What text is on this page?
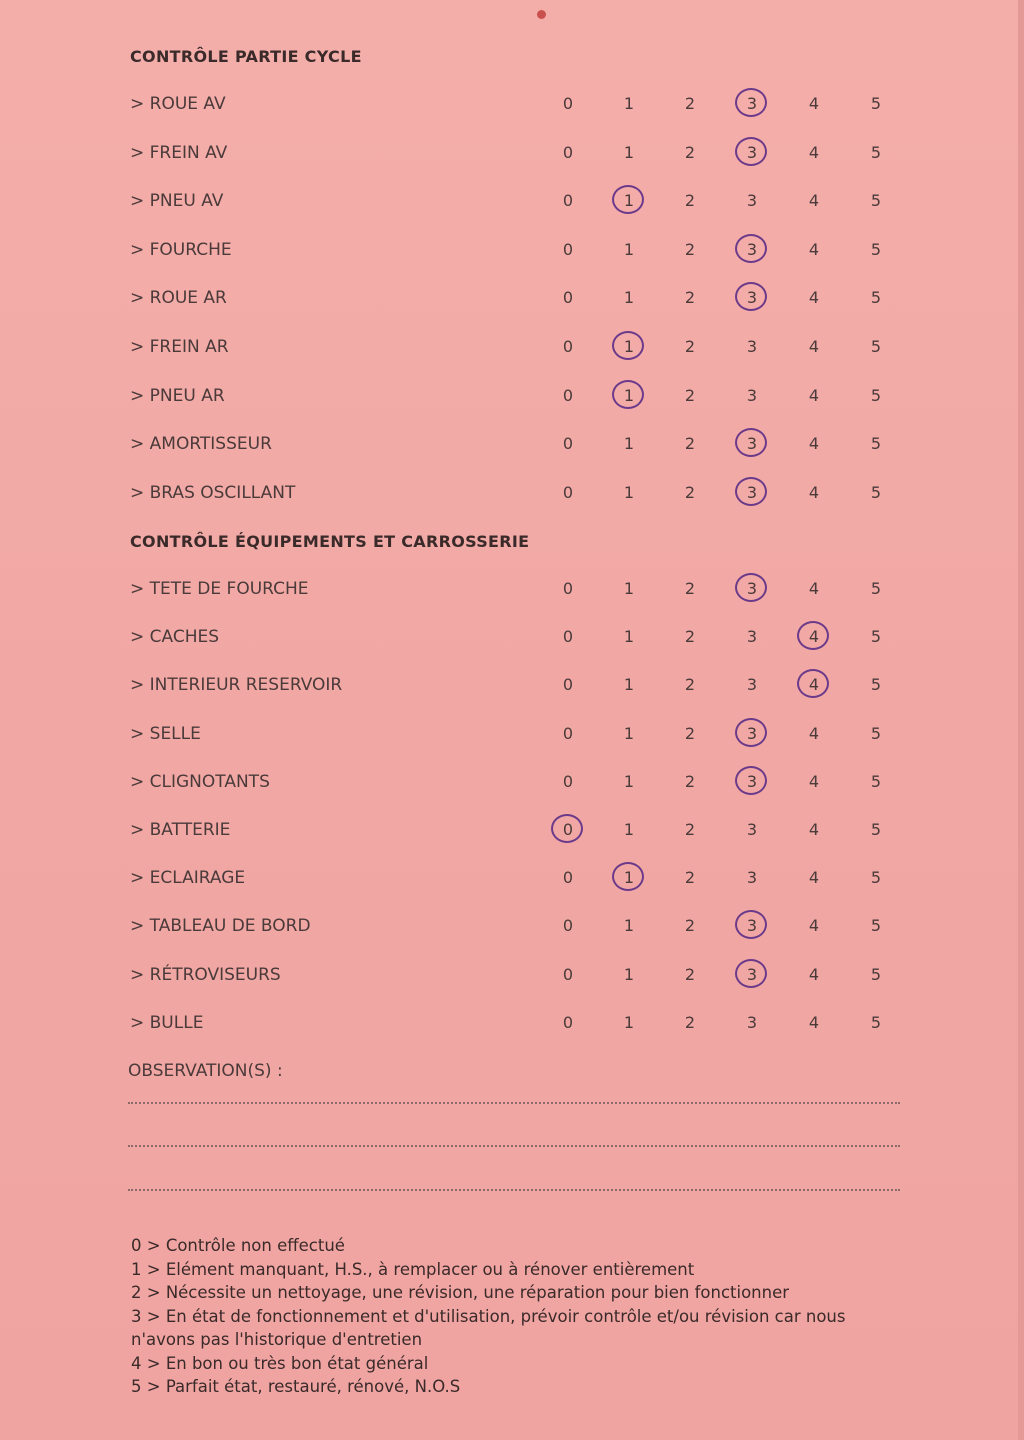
CONTRÔLE PARTIE CYCLE
> ROUE AV	0	1	2	3	4	5
> FREIN AV	0	1	2	3	4	5
> PNEU AV	0	1	2	3	4	5
> FOURCHE	0	1	2	3	4	5
> ROUE AR	0	1	2	3	4	5
> FREIN AR	0	1	2	3	4	5
> PNEU AR	0	1	2	3	4	5
> AMORTISSEUR	0	1	2	3	4	5
> BRAS OSCILLANT	0	1	2	3	4	5
CONTRÔLE ÉQUIPEMENTS ET CARROSSERIE
> TETE DE FOURCHE	0	1	2	3	4	5
> CACHES	0	1	2	3	4	5
> INTERIEUR RESERVOIR	0	1	2	3	4	5
> SELLE	0	1	2	3	4	5
> CLIGNOTANTS	0	1	2	3	4	5
> BATTERIE	0	1	2	3	4	5
> ECLAIRAGE	0	1	2	3	4	5
> TABLEAU DE BORD	0	1	2	3	4	5
> RÉTROVISEURS	0	1	2	3	4	5
> BULLE	0	1	2	3	4	5
OBSERVATION(S) :
0 > Contrôle non effectué
1 > Elément manquant, H.S., à remplacer ou à rénover entièrement
2 > Nécessite un nettoyage, une révision, une réparation pour bien fonctionner
3 > En état de fonctionnement et d'utilisation, prévoir contrôle et/ou révision car nous
n'avons pas l'historique d'entretien
4 > En bon ou très bon état général
5 > Parfait état, restauré, rénové, N.O.S
